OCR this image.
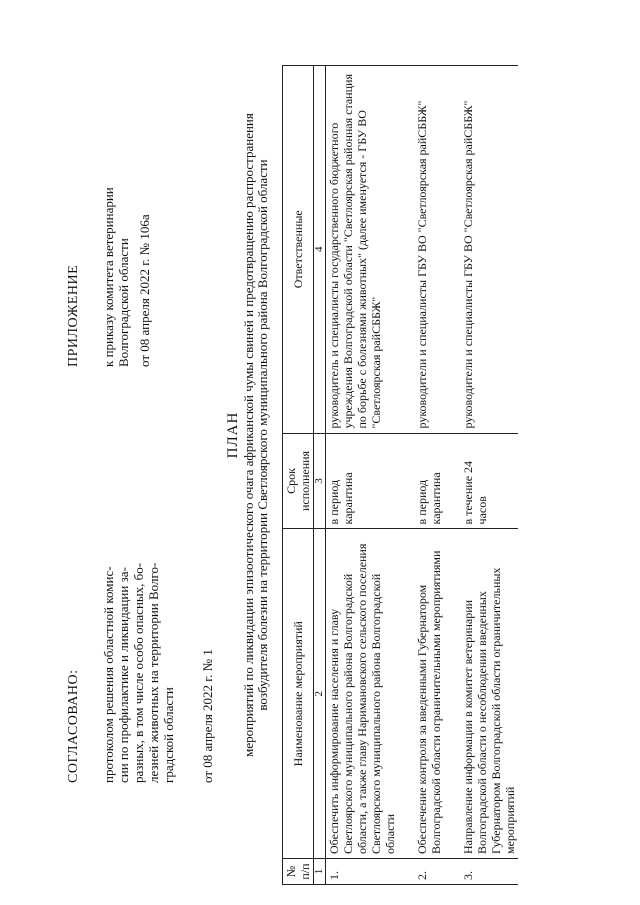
СОГЛАСОВАНО: протоколом решения областной комис- сии по профилактике и ликвидации за- разных, в том числе особо опасных, бо- лезней животных на территории Волго- градской области от 08 апреля 2022 г. № 1
ПРИЛОЖЕНИЕ к приказу комитета ветеринарии Волгоградской области от 08 апреля 2022 г. № 106а
ПЛАН мероприятий по ликвидации эпизоотического очага африканской чумы свиней и предотвращению распространения возбудителя болезни на территории Светлоярского муниципального района Волгоградской области
№ п/п	Наименование мероприятий	Срок исполнения	Ответственные
1	2	3	4
1.	Обеспечить информирование населения и главу Светлоярского муниципального района Волгоградской области, а также главу Наримановского сельского поселения Светлоярского муниципального района Волгоградской области	в период карантина	руководитель и специалисты государственного бюджетного учреждения Волгоградской области "Светлоярская районная станция по борьбе с болезнями животных" (далее именуется - ГБУ ВО "Светлоярская райСББЖ"

2.	Обеспечение контроля за введенными Губернатором Волгоградской области ограничительными мероприятиями	в период карантина	руководители и специалисты ГБУ ВО "Светлоярская райСББЖ"

3.	Направление информации в комитет ветеринарии Волгоградской области о несоблюдении введенных Губернатором Волгоградской области ограничительных мероприятий	в течение 24 часов	руководители и специалисты ГБУ ВО "Светлоярская райСББЖ"
